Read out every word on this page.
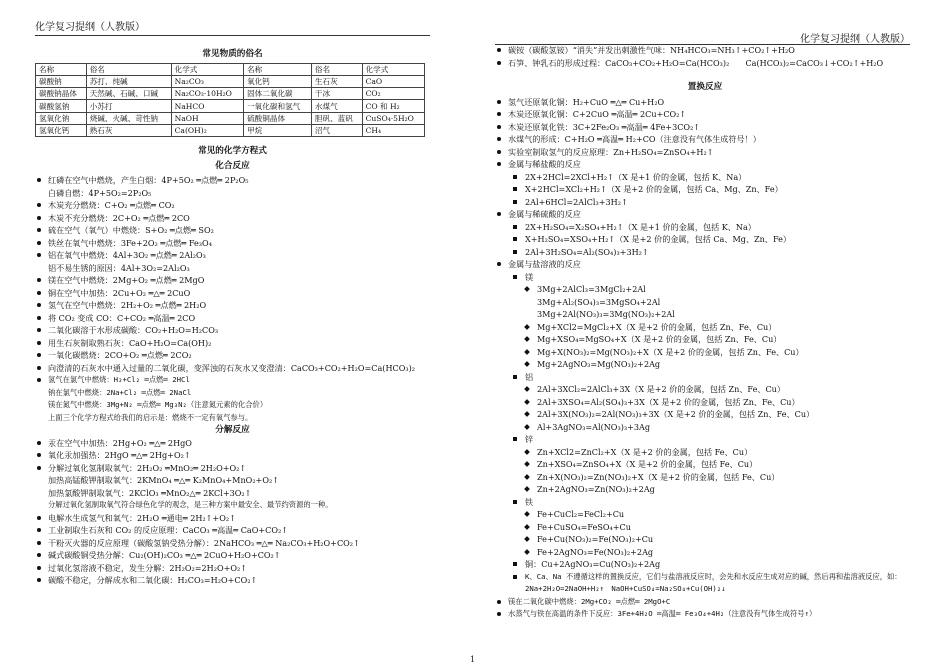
化学复习提纲（人教版）
化学复习提纲（人教版）
常见物质的俗名
名称	俗名	化学式	名称	俗名	化学式
碳酸钠	苏打、纯碱	Na₂CO₃	氧化钙	生石灰	CaO
碳酸钠晶体	天然碱、石碱、口碱	Na₂CO₃·10H₂O	固体二氧化碳	干冰	CO₂
碳酸氢钠	小苏打	NaHCO	一氧化碳和氢气	水煤气	CO 和 H₂
氢氧化钠	烧碱、火碱、苛性钠	NaOH	硫酸铜晶体	胆矾、蓝矾	CuSO₄·5H₂O
氢氧化钙	熟石灰	Ca(OH)₂	甲烷	沼气	CH₄
常见的化学方程式
化合反应
红磷在空气中燃烧，产生白烟：4P+5O₂ ═点燃═ 2P₂O₅
白磷自燃：4P+5O₂=2P₂O₅
木炭充分燃烧：C+O₂ ═点燃═ CO₂
木炭不充分燃烧：2C+O₂ ═点燃═ 2CO
硫在空气（氧气）中燃烧：S+O₂ ═点燃═ SO₂
铁丝在氧气中燃烧：3Fe+2O₂ ═点燃═ Fe₃O₄
铝在氧气中燃烧：4Al+3O₂ ═点燃═ 2Al₂O₃
铝不易生锈的原因：4Al+3O₂=2Al₂O₃
镁在空气中燃烧：2Mg+O₂ ═点燃═ 2MgO
铜在空气中加热：2Cu+O₂ ═△═ 2CuO
氢气在空气中燃烧：2H₂+O₂ ═点燃═ 2H₂O
将 CO₂ 变成 CO：C+CO₂ ═高温═ 2CO
二氧化碳溶于水形成碳酸：CO₂+H₂O=H₂CO₃
用生石灰制取熟石灰：CaO+H₂O=Ca(OH)₂
一氧化碳燃烧：2CO+O₂ ═点燃═ 2CO₂
向澄清的石灰水中通入过量的二氧化碳，变浑浊的石灰水又变澄清：CaCO₃+CO₂+H₂O=Ca(HCO₃)₂
氢气在氯气中燃烧：H₂+Cl₂ ═点燃═ 2HCl
钠在氯气中燃烧：2Na+Cl₂ ═点燃═ 2NaCl
镁在氮气中燃烧：3Mg+N₂ ═点燃═ Mg₃N₂（注意氮元素的化合价）
上面三个化学方程式给我们的启示是：燃烧不一定有氧气参与。
分解反应
汞在空气中加热：2Hg+O₂ ═△═ 2HgO
氧化汞加强热：2HgO ═△═ 2Hg+O₂↑
分解过氧化氢制取氧气：2H₂O₂ ═MnO₂═ 2H₂O+O₂↑
加热高锰酸钾制取氧气：2KMnO₄ ═△═ K₂MnO₄+MnO₂+O₂↑
加热氯酸钾制取氧气：2KClO₃ ═MnO₂△═ 2KCl+3O₂↑
分解过氧化氢制取氧气符合绿色化学的观念，是三种方案中最安全、最节约资源的一种。
电解水生成氢气和氧气：2H₂O ═通电═ 2H₂↑+O₂↑
工业制取生石灰和 CO₂ 的反应原理：CaCO₃ ═高温═ CaO+CO₂↑
干粉灭火器的反应原理（碳酸氢钠受热分解）：2NaHCO₃ ═△═ Na₂CO₃+H₂O+CO₂↑
碱式碳酸铜受热分解：Cu₂(OH)₂CO₃ ═△═ 2CuO+H₂O+CO₂↑
过氧化氢溶液不稳定，发生分解：2H₂O₂=2H₂O+O₂↑
碳酸不稳定，分解成水和二氧化碳：H₂CO₃=H₂O+CO₂↑
碳铵（碳酸氢铵）“消失”并发出刺激性气味：NH₄HCO₃=NH₃↑+CO₂↑+H₂O
石笋、钟乳石的形成过程：CaCO₃+CO₂+H₂O=Ca(HCO₃)₂　　Ca(HCO₃)₂=CaCO₃↓+CO₂↑+H₂O
置换反应
氢气还原氧化铜：H₂+CuO ═△═ Cu+H₂O
木炭还原氧化铜：C+2CuO ═高温═ 2Cu+CO₂↑
木炭还原氧化铁：3C+2Fe₂O₃ ═高温═ 4Fe+3CO₂↑
水煤气的形成：C+H₂O ═高温═ H₂+CO（注意没有气体生成符号！）
实验室制取氢气的反应原理：Zn+H₂SO₄=ZnSO₄+H₂↑
金属与稀盐酸的反应
2X+2HCl=2XCl+H₂↑（X 是+1 价的金属，包括 K、Na）
X+2HCl=XCl₂+H₂↑（X 是+2 价的金属，包括 Ca、Mg、Zn、Fe）
2Al+6HCl=2AlCl₃+3H₂↑
金属与稀硫酸的反应
2X+H₂SO₄=X₂SO₄+H₂↑（X 是+1 价的金属，包括 K、Na）
X+H₂SO₄=XSO₄+H₂↑（X 是+2 价的金属，包括 Ca、Mg、Zn、Fe）
2Al+3H₂SO₄=Al₂(SO₄)₃+3H₂↑
金属与盐溶液的反应
镁
3Mg+2AlCl₃=3MgCl₂+2Al
3Mg+Al₂(SO₄)₃=3MgSO₄+2Al
3Mg+2Al(NO₃)₃=3Mg(NO₃)₂+2Al
Mg+XCl2=MgCl₂+X（X 是+2 价的金属，包括 Zn、Fe、Cu）
Mg+XSO₄=MgSO₄+X（X 是+2 价的金属，包括 Zn、Fe、Cu）
Mg+X(NO₃)₂=Mg(NO₃)₂+X（X 是+2 价的金属，包括 Zn、Fe、Cu）
Mg+2AgNO₃=Mg(NO₃)₂+2Ag
铝
2Al+3XCl₂=2AlCl₃+3X（X 是+2 价的金属，包括 Zn、Fe、Cu）
2Al+3XSO₄=Al₂(SO₄)₃+3X（X 是+2 价的金属，包括 Zn、Fe、Cu）
2Al+3X(NO₃)₂=2Al(NO₃)₃+3X（X 是+2 价的金属，包括 Zn、Fe、Cu）
Al+3AgNO₃=Al(NO₃)₃+3Ag
锌
Zn+XCl2=ZnCl₂+X（X 是+2 价的金属，包括 Fe、Cu）
Zn+XSO₄=ZnSO₄+X（X 是+2 价的金属，包括 Fe、Cu）
Zn+X(NO₃)₂=Zn(NO₃)₂+X（X 是+2 价的金属，包括 Fe、Cu）
Zn+2AgNO₃=Zn(NO₃)₂+2Ag
铁
Fe+CuCl₂=FeCl₂+Cu
Fe+CuSO₄=FeSO₄+Cu
Fe+Cu(NO₃)₂=Fe(NO₃)₂+Cu
Fe+2AgNO₃=Fe(NO₃)₂+2Ag
铜：Cu+2AgNO₃=Cu(NO₃)₂+2Ag
K、Ca、Na 不遵循这样的置换反应，它们与盐溶液反应时，会先和水反应生成对应的碱，然后再和盐溶液反应，如：
2Na+2H₂O=2NaOH+H₂↑　NaOH+CuSO₄=Na₂SO₄+Cu(OH)₂↓
镁在二氧化碳中燃烧：2Mg+CO₂ ═点燃═ 2MgO+C
水蒸气与铁在高温的条件下反应：3Fe+4H₂O ═高温═ Fe₃O₄+4H₂（注意没有气体生成符号↑）
1
